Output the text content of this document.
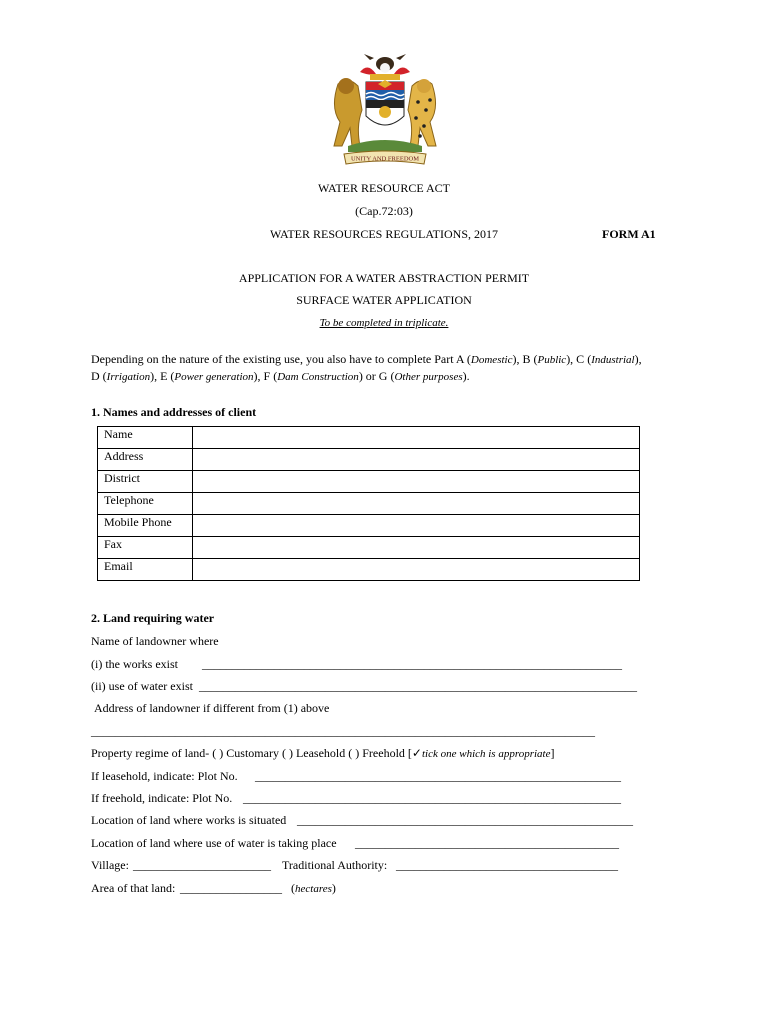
UNITY AND FREEDOM
WATER RESOURCE ACT
(Cap.72:03)
WATER RESOURCES REGULATIONS, 2017	FORM A1
APPLICATION FOR A WATER ABSTRACTION PERMIT
SURFACE WATER APPLICATION
To be completed in triplicate.
Depending on the nature of the existing use, you also have to complete Part A (Domestic), B (Public), C (Industrial),
D (Irrigation), E (Power generation), F (Dam Construction) or G (Other purposes).
1. Names and addresses of client
Name	
Address	
District	
Telephone	
Mobile Phone	
Fax	
Email	
2. Land requiring water
Name of landowner where
(i) the works exist ______________________________________________________________________
(ii) use of water exist _________________________________________________________________________
Address of landowner if different from (1) above
____________________________________________________________________________________
Property regime of land- ( ) Customary ( ) Leasehold ( ) Freehold [✓tick one which is appropriate]
If leasehold, indicate: Plot No. _____________________________________________________________
If freehold, indicate: Plot No. _______________________________________________________________
Location of land where works is situated ________________________________________________________
Location of land where use of water is taking place ____________________________________________
Village: _______________________ Traditional Authority: _____________________________________
Area of that land: _________________ (hectares)
